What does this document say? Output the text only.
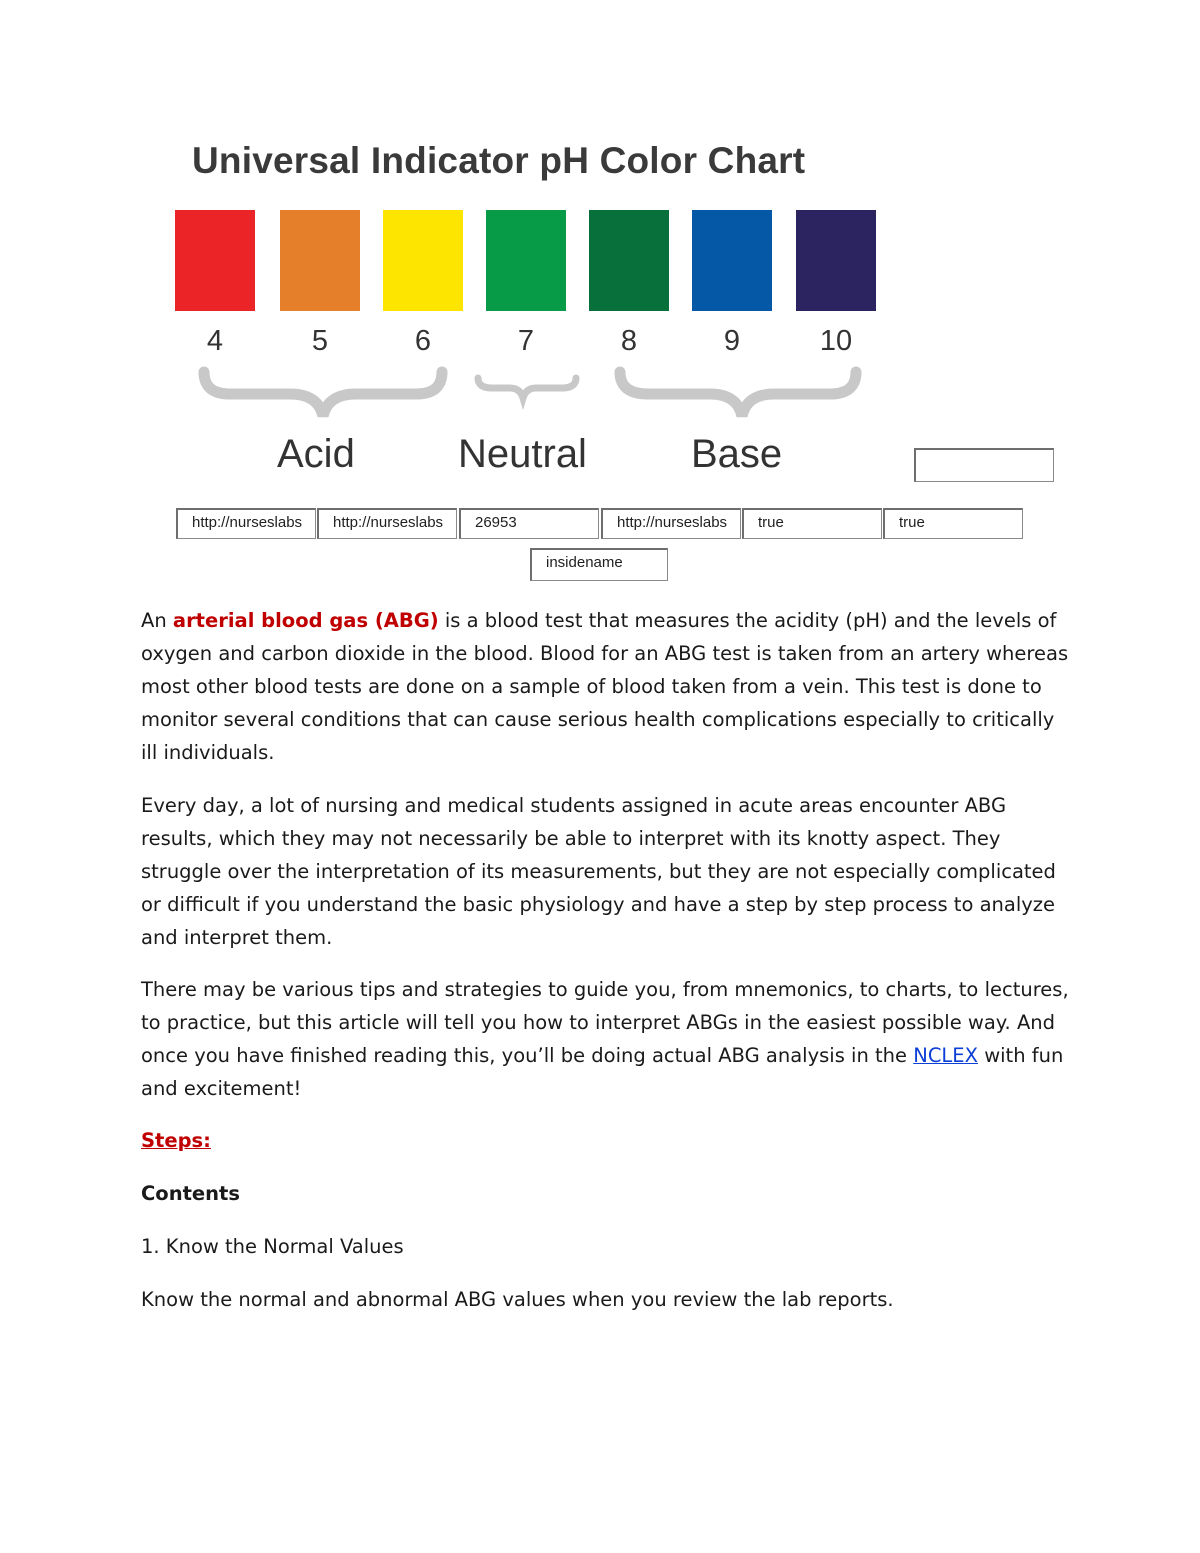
Universal Indicator pH Color Chart
4	5	6	7	8	9	10
Acid	Neutral	Base
http://nurseslabs	http://nurseslabs	26953	http://nurseslabs	true	true
insidename

An arterial blood gas (ABG) is a blood test that measures the acidity (pH) and the levels of oxygen and carbon dioxide in the blood. Blood for an ABG test is taken from an artery whereas most other blood tests are done on a sample of blood taken from a vein. This test is done to monitor several conditions that can cause serious health complications especially to critically ill individuals.

Every day, a lot of nursing and medical students assigned in acute areas encounter ABG results, which they may not necessarily be able to interpret with its knotty aspect. They struggle over the interpretation of its measurements, but they are not especially complicated or difficult if you understand the basic physiology and have a step by step process to analyze and interpret them.

There may be various tips and strategies to guide you, from mnemonics, to charts, to lectures, to practice, but this article will tell you how to interpret ABGs in the easiest possible way. And once you have finished reading this, you’ll be doing actual ABG analysis in the NCLEX with fun and excitement!

Steps:

Contents

1. Know the Normal Values

Know the normal and abnormal ABG values when you review the lab reports.
